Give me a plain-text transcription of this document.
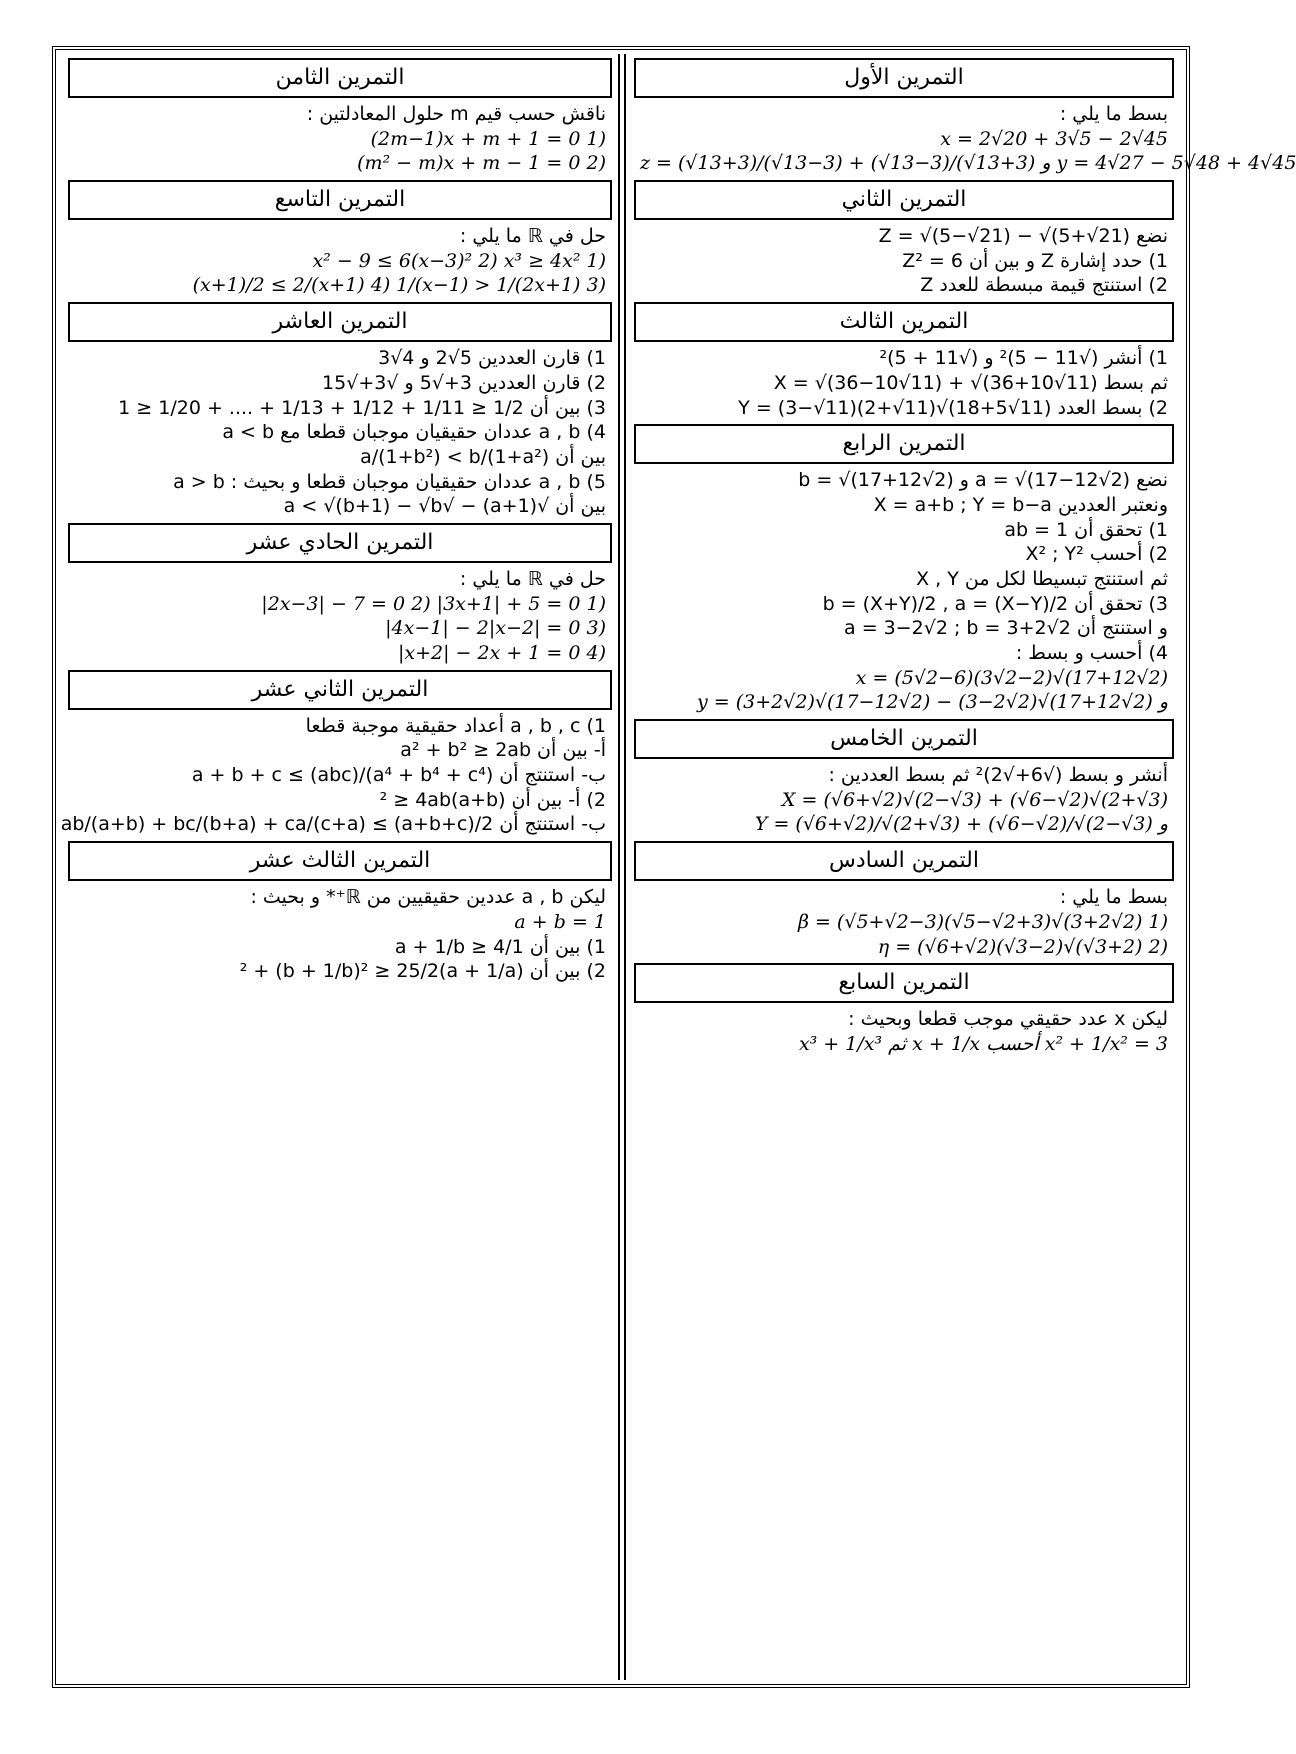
التمرين الأول
بسط ما يلي :
x = 2√20 + 3√5 − 2√45
z = (√13+3)/(√13−3) + (√13−3)/(√13+3) و y = 4√27 − 5√48 + 4√45
التمرين الثاني
نضع Z = √(5−√21) − √(5+√21)
1) حدد إشارة Z و بين أن Z² = 6
2) استنتج قيمة مبسطة للعدد Z
التمرين الثالث
1) أنشر (√11 − 5)² و (√11 + 5)²
ثم بسط X = √(36−10√11) + √(36+10√11)
2) بسط العدد Y = (3−√11)(2+√11)√(18+5√11)
التمرين الرابع
نضع a = √(17−12√2) و b = √(17+12√2)
ونعتبر العددين X = a+b ; Y = b−a
1) تحقق أن ab = 1
2) أحسب X² ; Y²
ثم استنتج تبسيطا لكل من X , Y
3) تحقق أن b = (X+Y)/2 , a = (X−Y)/2
و استنتج أن a = 3−2√2 ; b = 3+2√2
4) أحسب و بسط :
x = (5√2−6)(3√2−2)√(17+12√2)
y = (3+2√2)√(17−12√2) − (3−2√2)√(17+12√2) و
التمرين الخامس
أنشر و بسط (√6+√2)² ثم بسط العددين :
X = (√6+√2)√(2−√3) + (√6−√2)√(2+√3)
Y = (√6+√2)/√(2+√3) + (√6−√2)/√(2−√3) و
التمرين السادس
بسط ما يلي :
β = (√5+√2−3)(√5−√2+3)√(3+2√2) 1)
η = (√6+√2)(√3−2)√(√3+2) 2)
التمرين السابع
ليكن x عدد حقيقي موجب قطعا وبحيث :
x³ + 1/x³ ثم x + 1/x أحسب x² + 1/x² = 3
التمرين الثامن
ناقش حسب قيم m حلول المعادلتين :
(2m−1)x + m + 1 = 0 1)
(m² − m)x + m − 1 = 0 2)
التمرين التاسع
حل في ℝ ما يلي :
x² − 9 ≤ 6(x−3)² 2) x³ ≥ 4x² 1)
(x+1)/2 ≤ 2/(x+1) 4) 1/(x−1) > 1/(2x+1) 3)
التمرين العاشر
1) قارن العددين 5√2 و 4√3
2) قارن العددين 3+√5 و √3+√15
3) بين أن 1/2 ≤ 1/11 + 1/12 + 1/13 + .... + 1/20 ≤ 1
4) a , b عددان حقيقيان موجبان قطعا مع a < b
بين أن a/(1+b²) < b/(1+a²)
5) a , b عددان حقيقيان موجبان قطعا و بحيث : a > b
بين أن √(a+1) − √a < √(b+1) − √b
التمرين الحادي عشر
حل في ℝ ما يلي :
|2x−3| − 7 = 0 2) |3x+1| + 5 = 0 1)
|4x−1| − 2|x−2| = 0 3)
|x+2| − 2x + 1 = 0 4)
التمرين الثاني عشر
1) a , b , c أعداد حقيقية موجبة قطعا
أ- بين أن a² + b² ≥ 2ab
ب- استنتج أن (a⁴ + b⁴ + c⁴)/(abc) ≥ a + b + c
2) أ- بين أن (a+b)² ≥ 4ab
ب- استنتج أن ab/(a+b) + bc/(b+a) + ca/(c+a) ≤ (a+b+c)/2
التمرين الثالث عشر
ليكن a , b عددين حقيقيين من ℝ⁺* و بحيث :
a + b = 1
1) بين أن 1/a + 1/b ≥ 4
2) بين أن (a + 1/a)² + (b + 1/b)² ≥ 25/2
